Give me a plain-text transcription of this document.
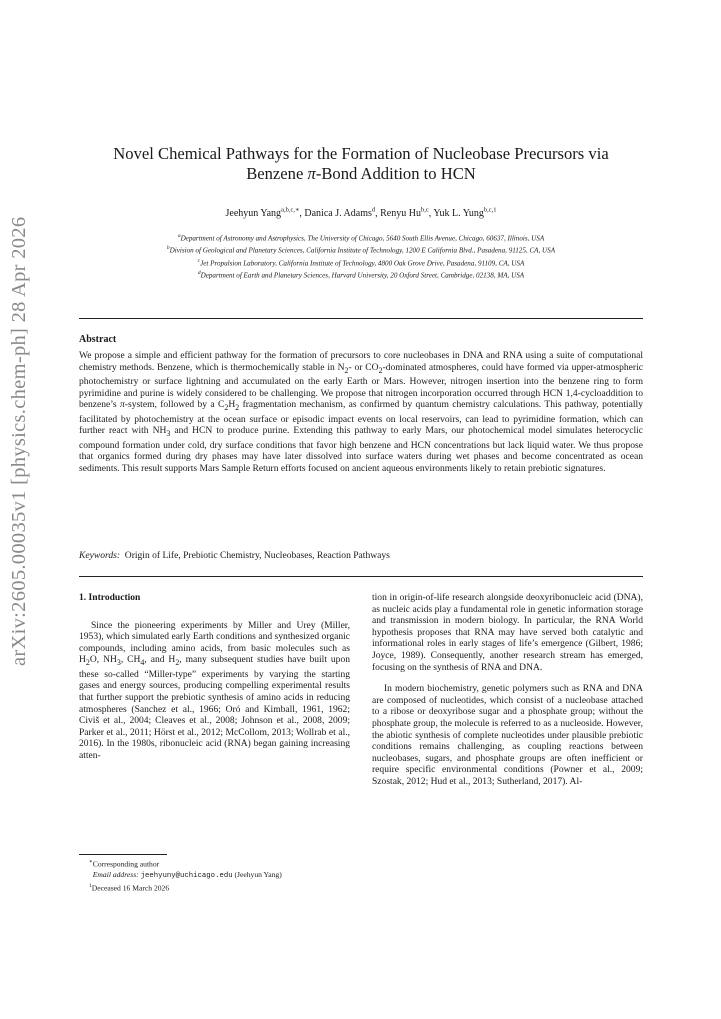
arXiv:2605.00035v1 [physics.chem-ph] 28 Apr 2026
Novel Chemical Pathways for the Formation of Nucleobase Precursors via
Benzene π-Bond Addition to HCN
Jeehyun Yang$^{a,b,c,∗}$, Danica J. Adams$^d$, Renyu Hu$^{b,c}$, Yuk L. Yung$^{b,c,1}$
$^a$Department of Astronomy and Astrophysics, The University of Chicago, 5640 South Ellis Avenue, Chicago, 60637, Illinois, USA
$^b$Division of Geological and Planetary Sciences, California Institute of Technology, 1200 E California Blvd., Pasadena, 91125, CA, USA
$^c$Jet Propulsion Laboratory, California Institute of Technology, 4800 Oak Grove Drive, Pasadena, 91109, CA, USA
$^d$Department of Earth and Planetary Sciences, Harvard University, 20 Oxford Street, Cambridge, 02138, MA, USA
Abstract
We propose a simple and efficient pathway for the formation of precursors to core nucleobases in DNA and RNA using a suite of computational chemistry methods. Benzene, which is thermochemically stable in $N_2-$ or $CO_2$-dominated atmospheres, could have formed via upper-atmospheric photochemistry or surface lightning and accumulated on the early Earth or Mars. However, nitrogen insertion into the benzene ring to form pyrimidine and purine is widely considered to be challenging. We propose that nitrogen incorporation occurred through HCN 1,4-cycloaddition to benzene’s π-system, followed by a $C_2H_2$ fragmentation mechanism, as confirmed by quantum chemistry calculations. This pathway, potentially facilitated by photochemistry at the ocean surface or episodic impact events on local reservoirs, can lead to pyrimidine formation, which can further react with $NH_3$ and HCN to produce purine. Extending this pathway to early Mars, our photochemical model simulates heterocyclic compound formation under cold, dry surface conditions that favor high benzene and HCN concentrations but lack liquid water. We thus propose that organics formed during dry phases may have later dissolved into surface waters during wet phases and become concentrated as ocean sediments. This result supports Mars Sample Return efforts focused on ancient aqueous environments likely to retain prebiotic signatures.
Keywords: Origin of Life, Prebiotic Chemistry, Nucleobases, Reaction Pathways
1. Introduction

Since the pioneering experiments by Miller and Urey (Miller, 1953), which simulated early Earth conditions and synthesized organic compounds, including amino acids, from basic molecules such as $H_2O$, $NH_3$, $CH_4$, and $H_2$, many subsequent studies have built upon these so-called “Miller-type” experiments by varying the starting gases and energy sources, producing compelling experimental results that further support the prebiotic synthesis of amino acids in reducing atmospheres (Sanchez et al., 1966; Oró and Kimball, 1961, 1962; Civiš et al., 2004; Cleaves et al., 2008; Johnson et al., 2008, 2009; Parker et al., 2011; Hörst et al., 2012; McCollom, 2013; Wollrab et al., 2016). In the 1980s, ribonucleic acid (RNA) began gaining increasing atten-

tion in origin-of-life research alongside deoxyribonucleic acid (DNA), as nucleic acids play a fundamental role in genetic information storage and transmission in modern biology. In particular, the RNA World hypothesis proposes that RNA may have served both catalytic and informational roles in early stages of life’s emergence (Gilbert, 1986; Joyce, 1989). Consequently, another research stream has emerged, focusing on the synthesis of RNA and DNA.

In modern biochemistry, genetic polymers such as RNA and DNA are composed of nucleotides, which consist of a nucleobase attached to a ribose or deoxyribose sugar and a phosphate group; without the phosphate group, the molecule is referred to as a nucleoside. However, the abiotic synthesis of complete nucleotides under plausible prebiotic conditions remains challenging, as coupling reactions between nucleobases, sugars, and phosphate groups are often inefficient or require specific environmental conditions (Powner et al., 2009; Szostak, 2012; Hud et al., 2013; Sutherland, 2017). Al-

∗Corresponding author
Email address: jeehyuny@uchicago.edu (Jeehyun Yang)
$^1$Deceased 16 March 2026
